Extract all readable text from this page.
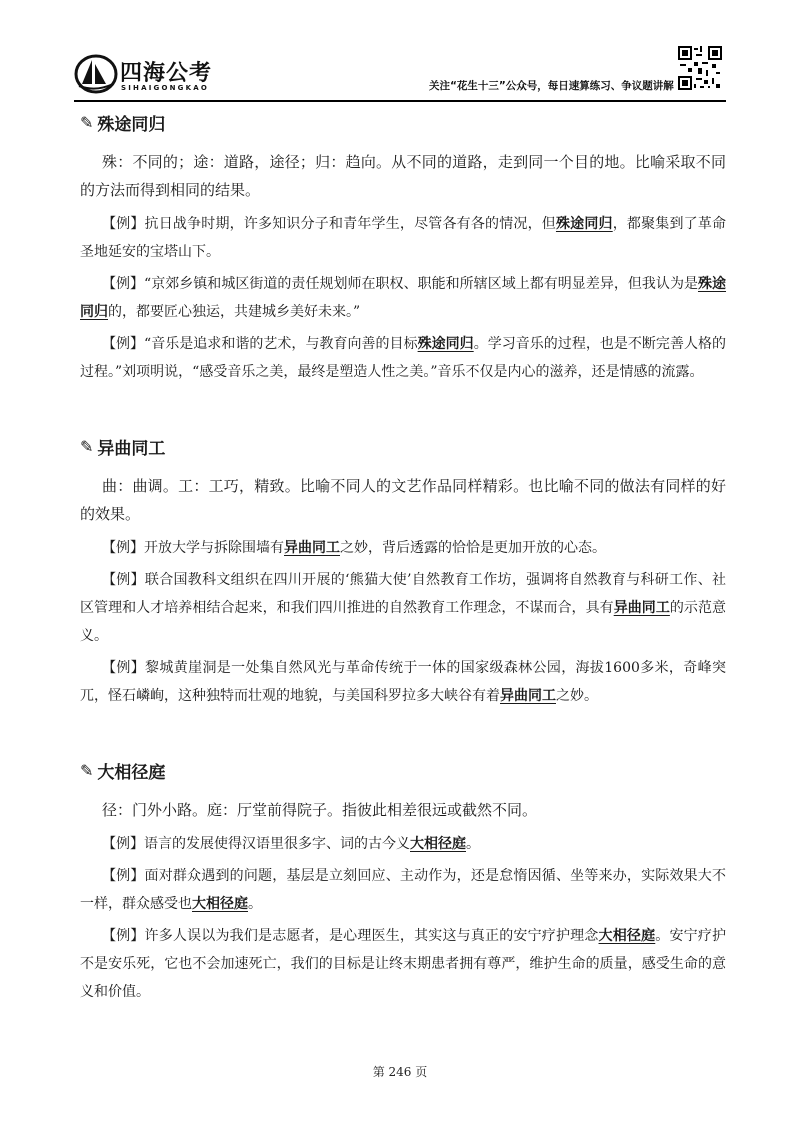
四海公考
SIHAIGONGKAO	关注“花生十三”公众号，每日速算练习、争议题讲解
✎ 殊途同归

殊：不同的；途：道路，途径；归：趋向。从不同的道路，走到同一个目的地。比喻采取不同的方法而得到相同的结果。

【例】抗日战争时期，许多知识分子和青年学生，尽管各有各的情况，但殊途同归，都聚集到了革命圣地延安的宝塔山下。

【例】“京郊乡镇和城区街道的责任规划师在职权、职能和所辖区域上都有明显差异，但我认为是殊途同归的，都要匠心独运，共建城乡美好未来。”

【例】“音乐是追求和谐的艺术，与教育向善的目标殊途同归。学习音乐的过程，也是不断完善人格的过程。”刘项明说，“感受音乐之美，最终是塑造人性之美。”音乐不仅是内心的滋养，还是情感的流露。

✎ 异曲同工

曲：曲调。工：工巧，精致。比喻不同人的文艺作品同样精彩。也比喻不同的做法有同样的好的效果。

【例】开放大学与拆除围墙有异曲同工之妙，背后透露的恰恰是更加开放的心态。

【例】联合国教科文组织在四川开展的‘熊猫大使’自然教育工作坊，强调将自然教育与科研工作、社区管理和人才培养相结合起来，和我们四川推进的自然教育工作理念，不谋而合，具有异曲同工的示范意义。

【例】黎城黄崖洞是一处集自然风光与革命传统于一体的国家级森林公园，海拔1600多米，奇峰突兀，怪石嶙峋，这种独特而壮观的地貌，与美国科罗拉多大峡谷有着异曲同工之妙。

✎ 大相径庭

径：门外小路。庭：厅堂前得院子。指彼此相差很远或截然不同。

【例】语言的发展使得汉语里很多字、词的古今义大相径庭。

【例】面对群众遇到的问题，基层是立刻回应、主动作为，还是怠惰因循、坐等来办，实际效果大不一样，群众感受也大相径庭。

【例】许多人误以为我们是志愿者，是心理医生，其实这与真正的安宁疗护理念大相径庭。安宁疗护不是安乐死，它也不会加速死亡，我们的目标是让终末期患者拥有尊严，维护生命的质量，感受生命的意义和价值。

第 246 页
